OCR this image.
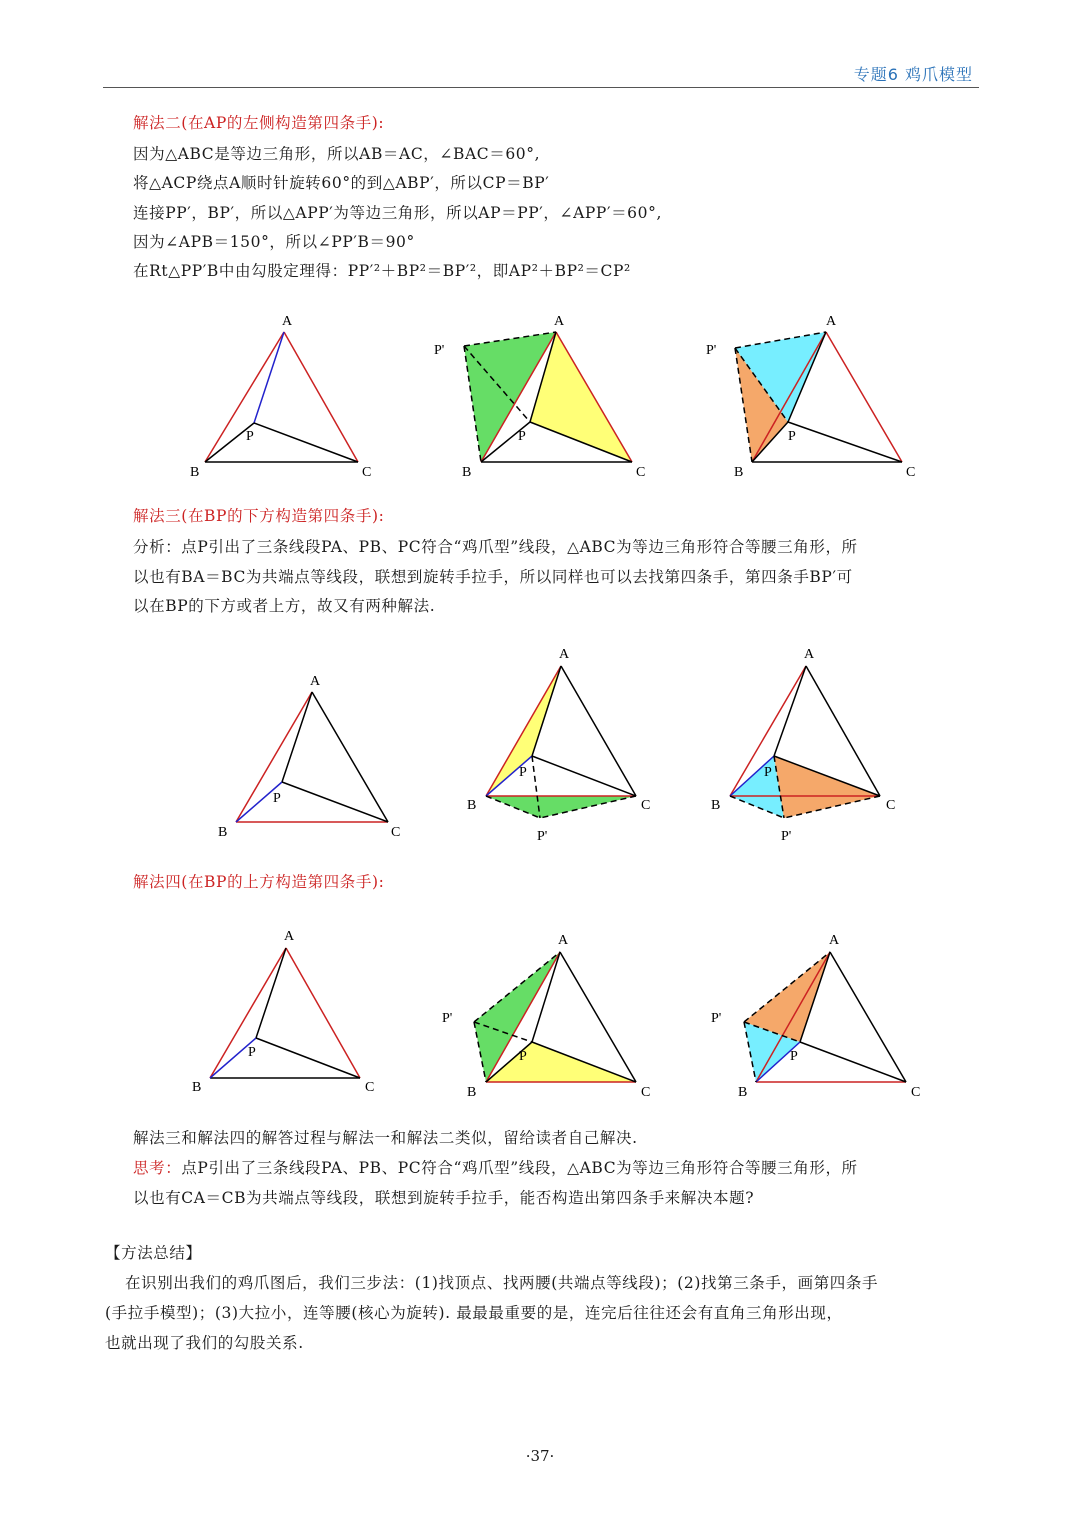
专题6 鸡爪模型
解法二(在AP的左侧构造第四条手):
因为△ABC是等边三角形，所以AB＝AC，∠BAC＝60°,
将△ACP绕点A顺时针旋转60°的到△ABP′，所以CP＝BP′
连接PP′，BP′，所以△APP′为等边三角形，所以AP＝PP′，∠APP′＝60°,
因为∠APB＝150°，所以∠PP′B＝90°
在Rt△PP′B中由勾股定理得：PP′²＋BP²＝BP′²，即AP²＋BP²＝CP²
A
B	C
P
A
P'
B	C
P
A
P'
B	C
P
解法三(在BP的下方构造第四条手):
分析：点P引出了三条线段PA、PB、PC符合“鸡爪型”线段，△ABC为等边三角形符合等腰三角形，所
以也有BA＝BC为共端点等线段，联想到旋转手拉手，所以同样也可以去找第四条手，第四条手BP′可
以在BP的下方或者上方，故又有两种解法.
A
B	C
P
A
B	C
P
P'
A
B	C
P
P'
解法四(在BP的上方构造第四条手):
A
B	C
P
A
P'
B	C
P
A
P'
B	C
P
解法三和解法四的解答过程与解法一和解法二类似，留给读者自己解决.
思考：点P引出了三条线段PA、PB、PC符合“鸡爪型”线段，△ABC为等边三角形符合等腰三角形，所
以也有CA＝CB为共端点等线段，联想到旋转手拉手，能否构造出第四条手来解决本题?
【方法总结】
在识别出我们的鸡爪图后，我们三步法：(1)找顶点、找两腰(共端点等线段)；(2)找第三条手，画第四条手
(手拉手模型)；(3)大拉小，连等腰(核心为旋转). 最最最重要的是，连完后往往还会有直角三角形出现，
也就出现了我们的勾股关系.
·37·
